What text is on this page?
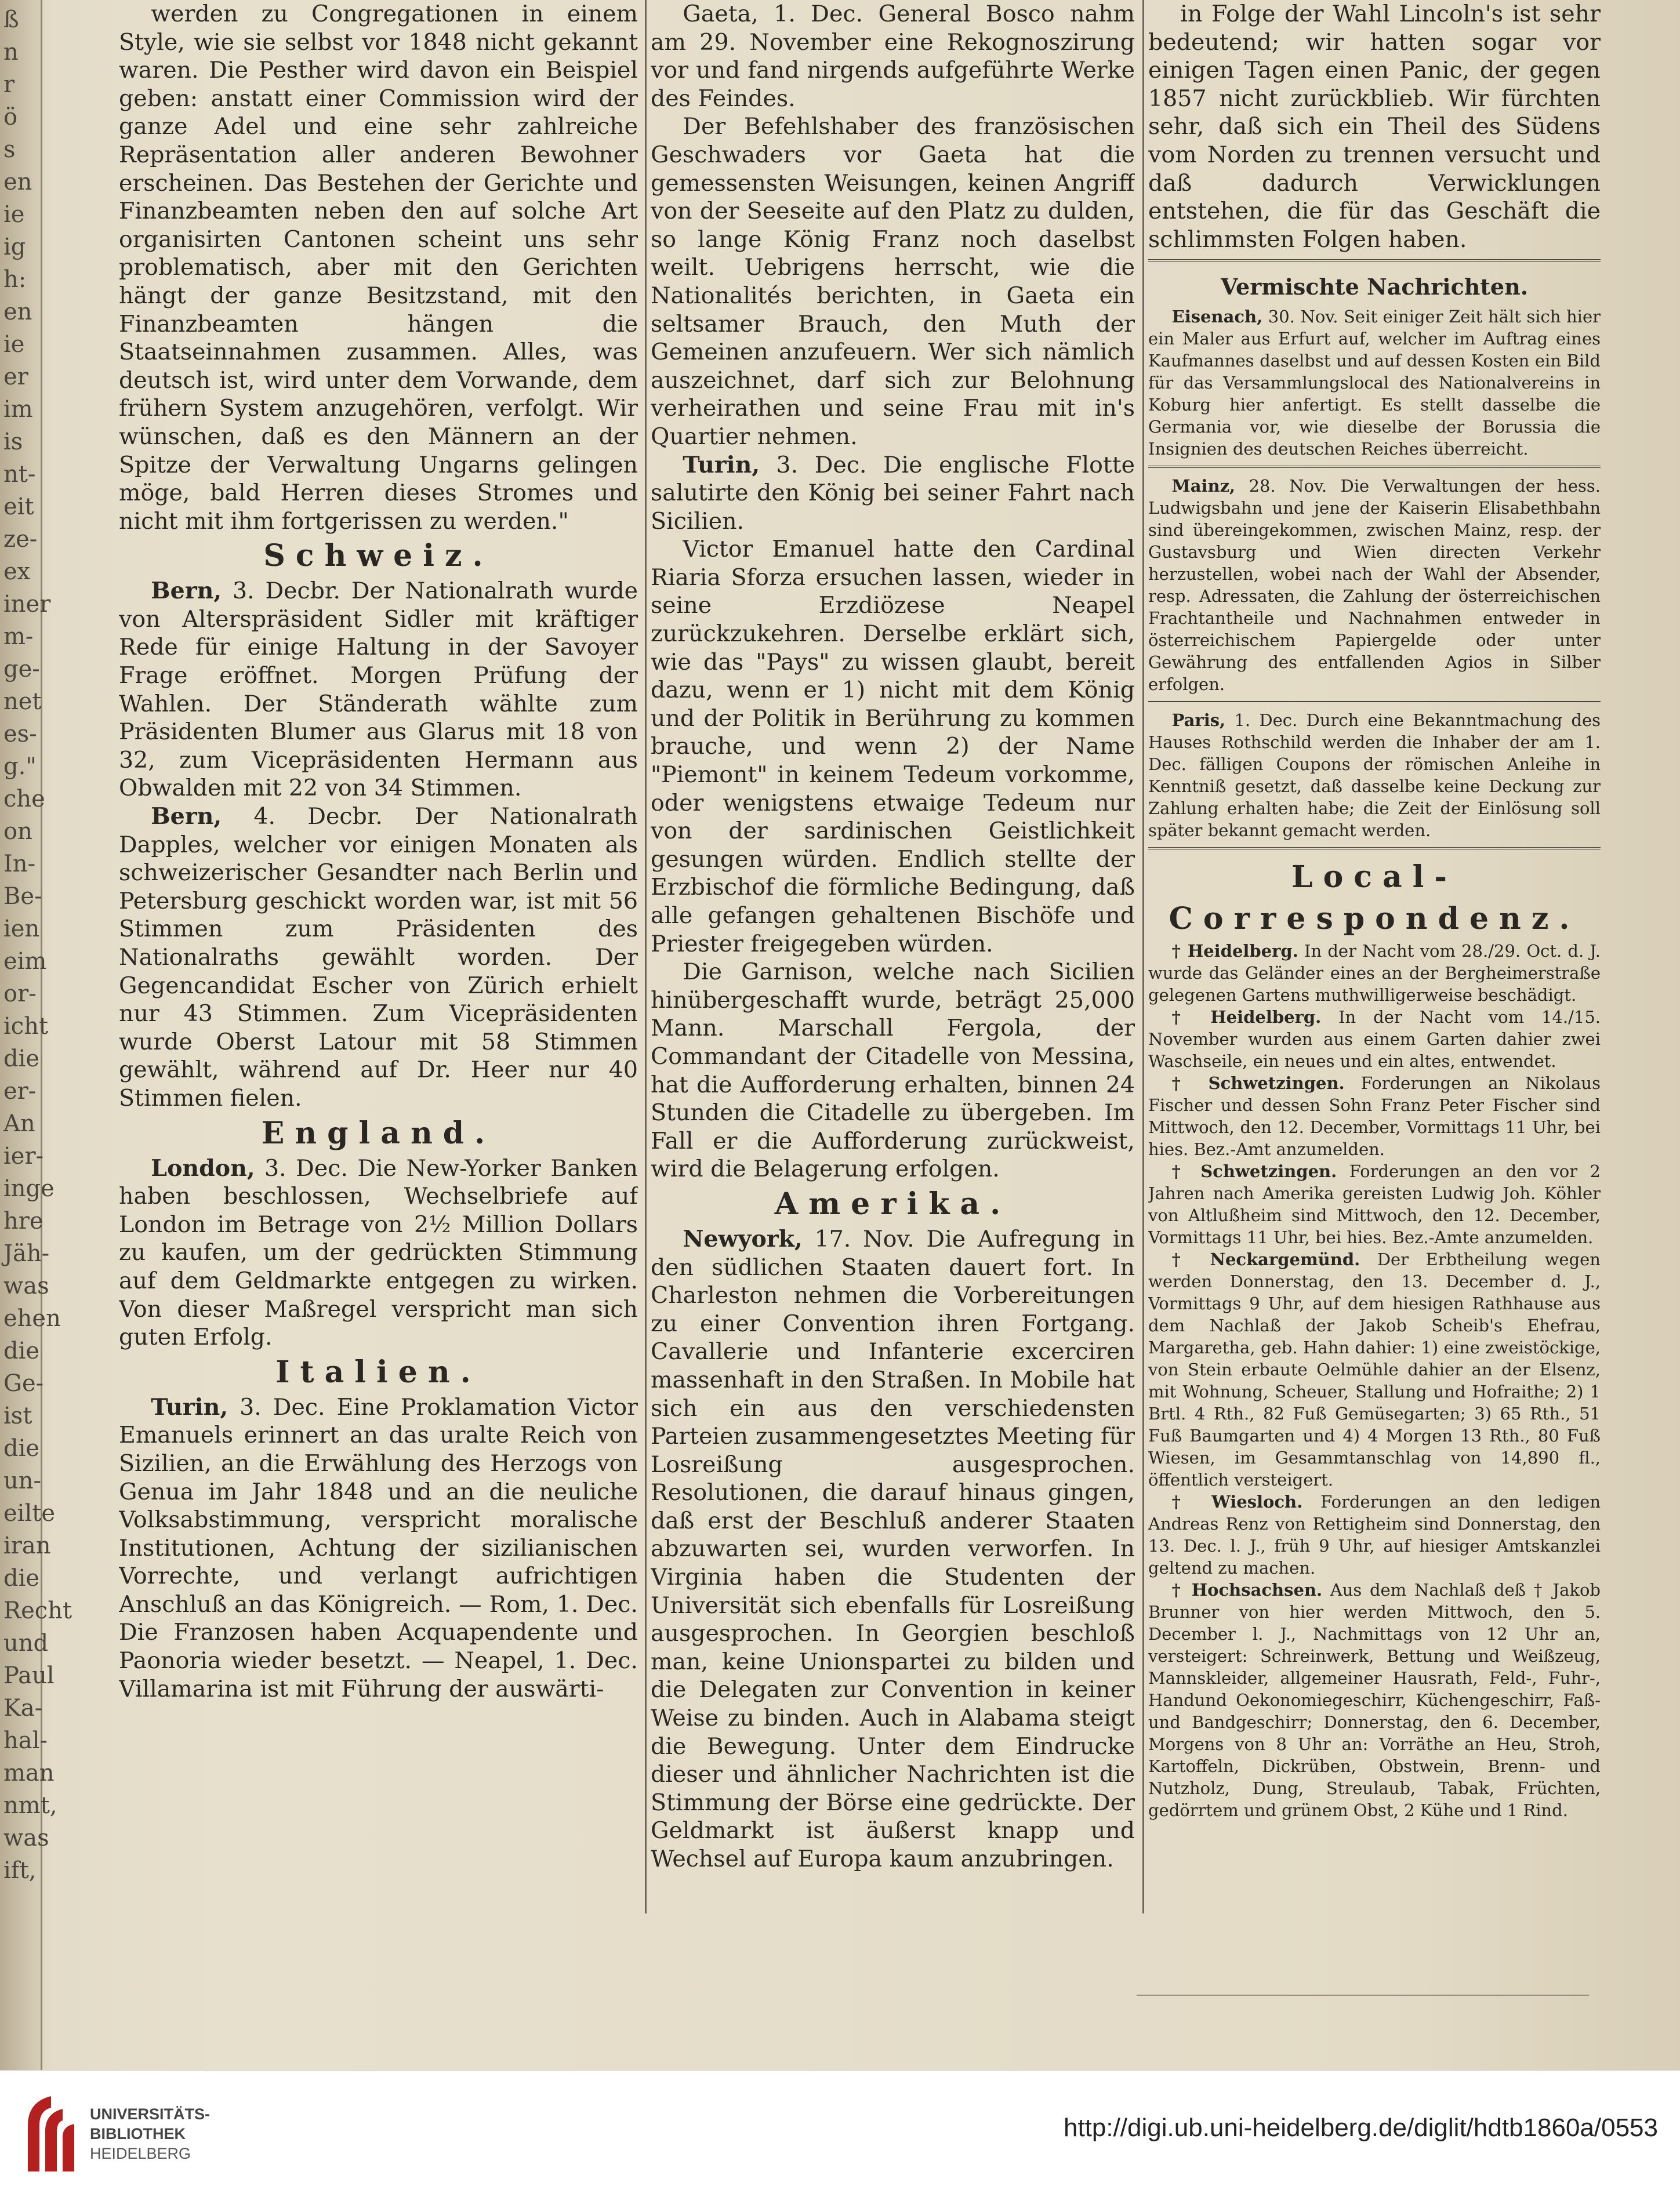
ß
n
r
ö
s
en
ie
ig
h:
en
ie
er
im
is
nt-
eit
ze-
ex
iner
m-
ge-
net
es-
g."
che
on
In-
Be-
ien
eim
or-
icht
die
er-
An
ier-
inge
hre
Jäh-
was
ehen
die
Ge-
ist
die
un-
eilte
iran
die
Recht
und
Paul
Ka-
hal-
man
nmt,
was
ift,

werden zu Congregationen in einem Style, wie sie selbst vor 1848 nicht gekannt waren. Die Pesther wird davon ein Beispiel geben: anstatt einer Commission wird der ganze Adel und eine sehr zahlreiche Repräsentation aller anderen Bewohner erscheinen. Das Bestehen der Gerichte und Finanzbeamten neben den auf solche Art organisirten Cantonen scheint uns sehr problematisch, aber mit den Gerichten hängt der ganze Besitzstand, mit den Finanzbeamten hängen die Staatseinnahmen zusammen. Alles, was deutsch ist, wird unter dem Vorwande, dem frühern System anzugehören, verfolgt. Wir wünschen, daß es den Männern an der Spitze der Verwaltung Ungarns gelingen möge, bald Herren dieses Stromes und nicht mit ihm fortgerissen zu werden."

Schweiz.

Bern, 3. Decbr. Der Nationalrath wurde von Alterspräsident Sidler mit kräftiger Rede für einige Haltung in der Savoyer Frage eröffnet. Morgen Prüfung der Wahlen. Der Ständerath wählte zum Präsidenten Blumer aus Glarus mit 18 von 32, zum Vicepräsidenten Hermann aus Obwalden mit 22 von 34 Stimmen.

Bern, 4. Decbr. Der Nationalrath Dapples, welcher vor einigen Monaten als schweizerischer Gesandter nach Berlin und Petersburg geschickt worden war, ist mit 56 Stimmen zum Präsidenten des Nationalraths gewählt worden. Der Gegencandidat Escher von Zürich erhielt nur 43 Stimmen. Zum Vicepräsidenten wurde Oberst Latour mit 58 Stimmen gewählt, während auf Dr. Heer nur 40 Stimmen fielen.

England.

London, 3. Dec. Die New-Yorker Banken haben beschlossen, Wechselbriefe auf London im Betrage von 2½ Million Dollars zu kaufen, um der gedrückten Stimmung auf dem Geldmarkte entgegen zu wirken. Von dieser Maßregel verspricht man sich guten Erfolg.

Italien.

Turin, 3. Dec. Eine Proklamation Victor Emanuels erinnert an das uralte Reich von Sizilien, an die Erwählung des Herzogs von Genua im Jahr 1848 und an die neuliche Volksabstimmung, verspricht moralische Institutionen, Achtung der sizilianischen Vorrechte, und verlangt aufrichtigen Anschluß an das Königreich. — Rom, 1. Dec. Die Franzosen haben Acquapendente und Paonoria wieder besetzt. — Neapel, 1. Dec. Villamarina ist mit Führung der auswärti-

Gaeta, 1. Dec. General Bosco nahm am 29. November eine Rekognoszirung vor und fand nirgends aufgeführte Werke des Feindes.

Der Befehlshaber des französischen Geschwaders vor Gaeta hat die gemessensten Weisungen, keinen Angriff von der Seeseite auf den Platz zu dulden, so lange König Franz noch daselbst weilt. Uebrigens herrscht, wie die Nationalités berichten, in Gaeta ein seltsamer Brauch, den Muth der Gemeinen anzufeuern. Wer sich nämlich auszeichnet, darf sich zur Belohnung verheirathen und seine Frau mit in's Quartier nehmen.

Turin, 3. Dec. Die englische Flotte salutirte den König bei seiner Fahrt nach Sicilien.

Victor Emanuel hatte den Cardinal Riaria Sforza ersuchen lassen, wieder in seine Erzdiözese Neapel zurückzukehren. Derselbe erklärt sich, wie das "Pays" zu wissen glaubt, bereit dazu, wenn er 1) nicht mit dem König und der Politik in Berührung zu kommen brauche, und wenn 2) der Name "Piemont" in keinem Tedeum vorkomme, oder wenigstens etwaige Tedeum nur von der sardinischen Geistlichkeit gesungen würden. Endlich stellte der Erzbischof die förmliche Bedingung, daß alle gefangen gehaltenen Bischöfe und Priester freigegeben würden.

Die Garnison, welche nach Sicilien hinübergeschafft wurde, beträgt 25,000 Mann. Marschall Fergola, der Commandant der Citadelle von Messina, hat die Aufforderung erhalten, binnen 24 Stunden die Citadelle zu übergeben. Im Fall er die Aufforderung zurückweist, wird die Belagerung erfolgen.

Amerika.

Newyork, 17. Nov. Die Aufregung in den südlichen Staaten dauert fort. In Charleston nehmen die Vorbereitungen zu einer Convention ihren Fortgang. Cavallerie und Infanterie excerciren massenhaft in den Straßen. In Mobile hat sich ein aus den verschiedensten Parteien zusammengesetztes Meeting für Losreißung ausgesprochen. Resolutionen, die darauf hinaus gingen, daß erst der Beschluß anderer Staaten abzuwarten sei, wurden verworfen. In Virginia haben die Studenten der Universität sich ebenfalls für Losreißung ausgesprochen. In Georgien beschloß man, keine Unionspartei zu bilden und die Delegaten zur Convention in keiner Weise zu binden. Auch in Alabama steigt die Bewegung. Unter dem Eindrucke dieser und ähnlicher Nachrichten ist die Stimmung der Börse eine gedrückte. Der Geldmarkt ist äußerst knapp und Wechsel auf Europa kaum anzubringen.

in Folge der Wahl Lincoln's ist sehr bedeutend; wir hatten sogar vor einigen Tagen einen Panic, der gegen 1857 nicht zurückblieb. Wir fürchten sehr, daß sich ein Theil des Südens vom Norden zu trennen versucht und daß dadurch Verwicklungen entstehen, die für das Geschäft die schlimmsten Folgen haben.

Vermischte Nachrichten.

Eisenach, 30. Nov. Seit einiger Zeit hält sich hier ein Maler aus Erfurt auf, welcher im Auftrag eines Kaufmannes daselbst und auf dessen Kosten ein Bild für das Versammlungslocal des Nationalvereins in Koburg hier anfertigt. Es stellt dasselbe die Germania vor, wie dieselbe der Borussia die Insignien des deutschen Reiches überreicht.

Mainz, 28. Nov. Die Verwaltungen der hess. Ludwigsbahn und jene der Kaiserin Elisabethbahn sind übereingekommen, zwischen Mainz, resp. der Gustavsburg und Wien directen Verkehr herzustellen, wobei nach der Wahl der Absender, resp. Adressaten, die Zahlung der österreichischen Frachtantheile und Nachnahmen entweder in österreichischem Papiergelde oder unter Gewährung des entfallenden Agios in Silber erfolgen.

Paris, 1. Dec. Durch eine Bekanntmachung des Hauses Rothschild werden die Inhaber der am 1. Dec. fälligen Coupons der römischen Anleihe in Kenntniß gesetzt, daß dasselbe keine Deckung zur Zahlung erhalten habe; die Zeit der Einlösung soll später bekannt gemacht werden.

Local-Correspondenz.

† Heidelberg. In der Nacht vom 28./29. Oct. d. J. wurde das Geländer eines an der Bergheimerstraße gelegenen Gartens muthwilligerweise beschädigt.

† Heidelberg. In der Nacht vom 14./15. November wurden aus einem Garten dahier zwei Waschseile, ein neues und ein altes, entwendet.

† Schwetzingen. Forderungen an Nikolaus Fischer und dessen Sohn Franz Peter Fischer sind Mittwoch, den 12. December, Vormittags 11 Uhr, bei hies. Bez.-Amt anzumelden.

† Schwetzingen. Forderungen an den vor 2 Jahren nach Amerika gereisten Ludwig Joh. Köhler von Altlußheim sind Mittwoch, den 12. December, Vormittags 11 Uhr, bei hies. Bez.-Amte anzumelden.

† Neckargemünd. Der Erbtheilung wegen werden Donnerstag, den 13. December d. J., Vormittags 9 Uhr, auf dem hiesigen Rathhause aus dem Nachlaß der Jakob Scheib's Ehefrau, Margaretha, geb. Hahn dahier: 1) eine zweistöckige, von Stein erbaute Oelmühle dahier an der Elsenz, mit Wohnung, Scheuer, Stallung und Hofraithe; 2) 1 Brtl. 4 Rth., 82 Fuß Gemüsegarten; 3) 65 Rth., 51 Fuß Baumgarten und 4) 4 Morgen 13 Rth., 80 Fuß Wiesen, im Gesammtanschlag von 14,890 fl., öffentlich versteigert.

† Wiesloch. Forderungen an den ledigen Andreas Renz von Rettigheim sind Donnerstag, den 13. Dec. l. J., früh 9 Uhr, auf hiesiger Amtskanzlei geltend zu machen.

† Hochsachsen. Aus dem Nachlaß deß † Jakob Brunner von hier werden Mittwoch, den 5. December l. J., Nachmittags von 12 Uhr an, versteigert: Schreinwerk, Bettung und Weißzeug, Mannskleider, allgemeiner Hausrath, Feld-, Fuhr-, Handund Oekonomiegeschirr, Küchengeschirr, Faß- und Bandgeschirr; Donnerstag, den 6. December, Morgens von 8 Uhr an: Vorräthe an Heu, Stroh, Kartoffeln, Dickrüben, Obstwein, Brenn- und Nutzholz, Dung, Streulaub, Tabak, Früchten, gedörrtem und grünem Obst, 2 Kühe und 1 Rind.

UNIVERSITÄTS-
BIBLIOTHEK
HEIDELBERG
http://digi.ub.uni-heidelberg.de/diglit/hdtb1860a/0553
